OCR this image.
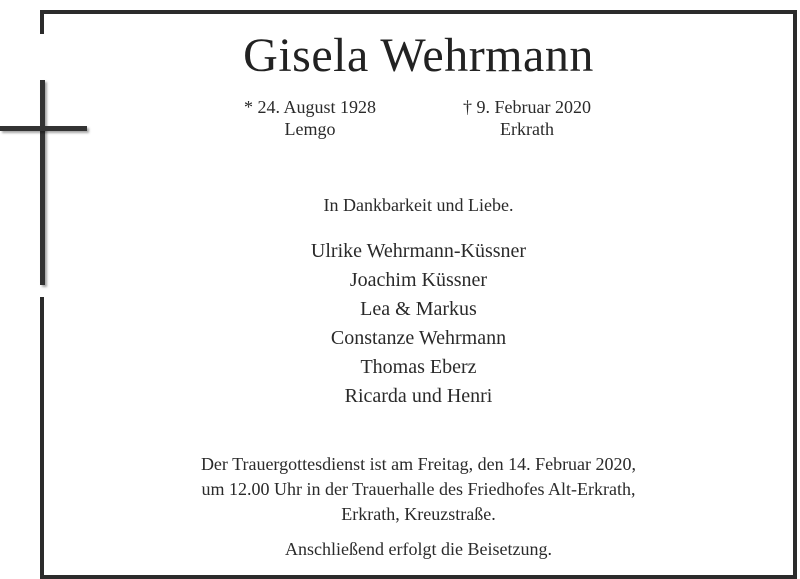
Gisela Wehrmann
* 24. August 1928
Lemgo
† 9. Februar 2020
Erkrath
In Dankbarkeit und Liebe.
Ulrike Wehrmann-Küssner
Joachim Küssner
Lea & Markus
Constanze Wehrmann
Thomas Eberz
Ricarda und Henri
Der Trauergottesdienst ist am Freitag, den 14. Februar 2020,
um 12.00 Uhr in der Trauerhalle des Friedhofes Alt-Erkrath,
Erkrath, Kreuzstraße.
Anschließend erfolgt die Beisetzung.
